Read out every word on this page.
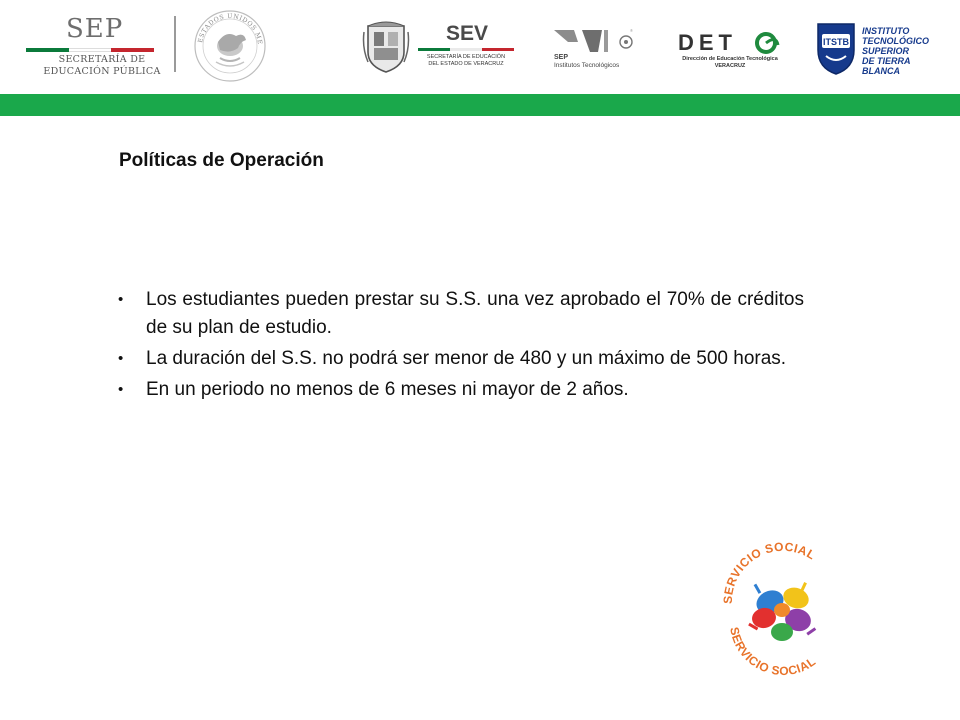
SEP
SECRETARÍA DE
EDUCACIÓN PÚBLICA
ESTADOS UNIDOS ME	SEV
SECRETARÍA DE EDUCACIÓN
DEL ESTADO DE VERACRUZ
®
SEP
Institutos Tecnológicos
DET
Dirección de Educación Tecnológica
VERACRUZ
ITSTB
INSTITUTO
TECNOLÓGICO SUPERIOR
DE TIERRA BLANCA
Políticas de Operación
• Los estudiantes pueden prestar su S.S. una vez aprobado el 70% de créditos de su plan de estudio.
• La duración del S.S. no podrá ser menor de 480 y un máximo de 500 horas.
• En un periodo no menos de 6 meses ni mayor de 2 años.
SERVICIO SOCIAL
SERVICIO SOCIAL
